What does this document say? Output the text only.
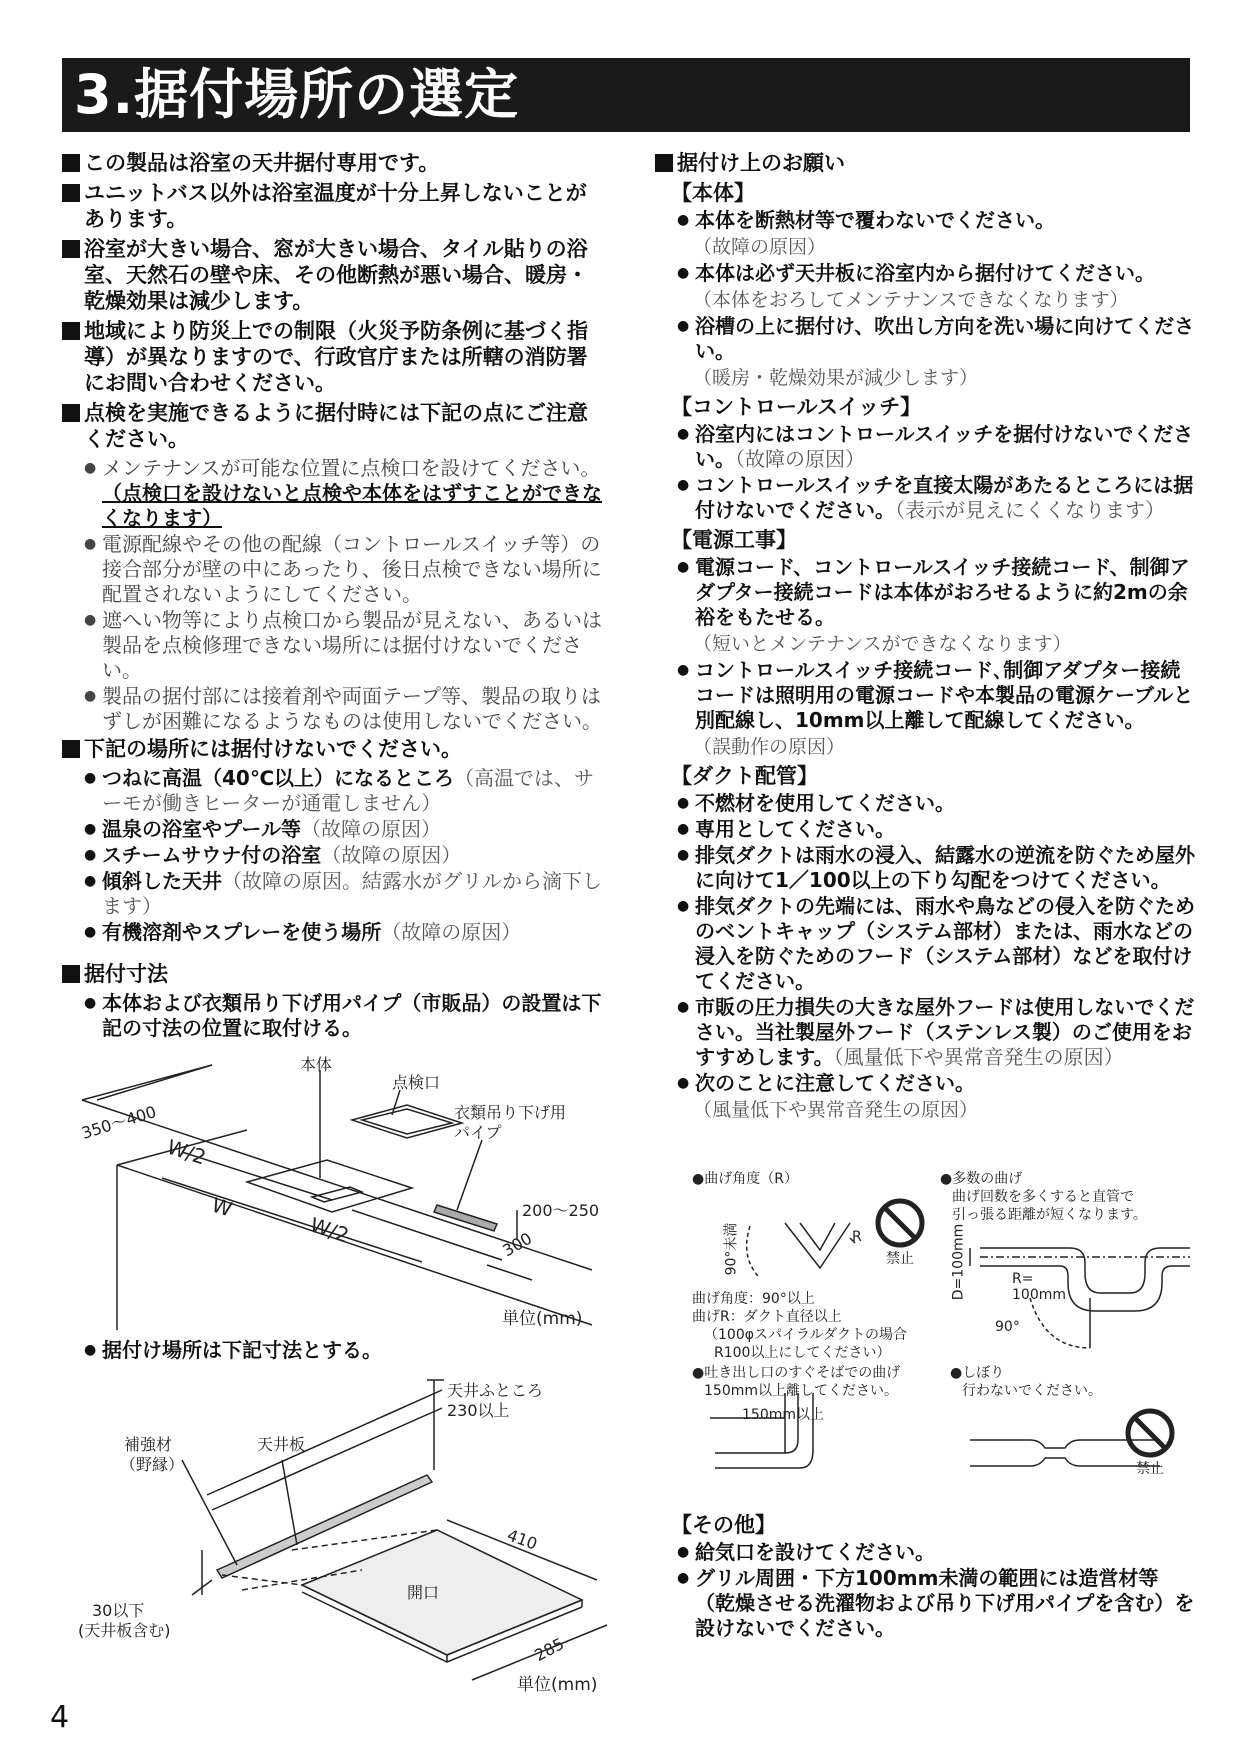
3.据付場所の選定
この製品は浴室の天井据付専用です。
ユニットバス以外は浴室温度が十分上昇しないことがあります。
浴室が大きい場合、窓が大きい場合、タイル貼りの浴室、天然石の壁や床、その他断熱が悪い場合、暖房・乾燥効果は減少します。
地域により防災上での制限（火災予防条例に基づく指導）が異なりますので、行政官庁または所轄の消防署にお問い合わせください。
点検を実施できるように据付時には下記の点にご注意ください。
● メンテナンスが可能な位置に点検口を設けてください。（点検口を設けないと点検や本体をはずすことができなくなります）
● 電源配線やその他の配線（コントロールスイッチ等）の接合部分が壁の中にあったり、後日点検できない場所に配置されないようにしてください。
● 遮へい物等により点検口から製品が見えない、あるいは製品を点検修理できない場所には据付けないでください。
● 製品の据付部には接着剤や両面テープ等、製品の取りはずしが困難になるようなものは使用しないでください。
下記の場所には据付けないでください。
● つねに高温（40℃以上）になるところ（高温では、サーモが働きヒーターが通電しません）
● 温泉の浴室やプール等（故障の原因）
● スチームサウナ付の浴室（故障の原因）
● 傾斜した天井（故障の原因。結露水がグリルから滴下します）
● 有機溶剤やスプレーを使う場所（故障の原因）
据付寸法
● 本体および衣類吊り下げ用パイプ（市販品）の設置は下記の寸法の位置に取付ける。
本体
点検口
衣類吊り下げ用
パイプ
350～400
W/2
W
W/2
200～250
300
単位(mm)
● 据付け場所は下記寸法とする。
天井ふところ
230以上
補強材
（野縁）
天井板
410
開口
285
30以下
(天井板含む)
単位(mm)
据付け上のお願い
【本体】
● 本体を断熱材等で覆わないでください。
（故障の原因）
● 本体は必ず天井板に浴室内から据付けてください。
（本体をおろしてメンテナンスできなくなります）
● 浴槽の上に据付け、吹出し方向を洗い場に向けてください。
（暖房・乾燥効果が減少します）
【コントロールスイッチ】
● 浴室内にはコントロールスイッチを据付けないでください。（故障の原因）
● コントロールスイッチを直接太陽があたるところには据付けないでください。（表示が見えにくくなります）
【電源工事】
● 電源コード、コントロールスイッチ接続コード、制御アダプター接続コードは本体がおろせるように約2mの余裕をもたせる。
（短いとメンテナンスができなくなります）
● コントロールスイッチ接続コード､制御アダプター接続コードは照明用の電源コードや本製品の電源ケーブルと別配線し、10mm以上離して配線してください。
（誤動作の原因）
【ダクト配管】
● 不燃材を使用してください。
● 専用としてください。
● 排気ダクトは雨水の浸入、結露水の逆流を防ぐため屋外に向けて1／100以上の下り勾配をつけてください。
● 排気ダクトの先端には、雨水や鳥などの侵入を防ぐためのベントキャップ（システム部材）または、雨水などの浸入を防ぐためのフード（システム部材）などを取付けてください。
● 市販の圧力損失の大きな屋外フードは使用しないでください。当社製屋外フード（ステンレス製）のご使用をおすすめします。（風量低下や異常音発生の原因）
● 次のことに注意してください。
（風量低下や異常音発生の原因）
●曲げ角度（R）	●多数の曲げ
曲げ回数を多くすると直管で
引っ張る距離が短くなります。
90°未満	R
禁止
曲げ角度：90°以上
曲げR：ダクト直径以上
（100φスパイラルダクトの場合
R100以上にしてください）
D=100mm	R=
100mm
90°
●吐き出し口のすぐそばでの曲げ
150mm以上離してください。
●しぼり
行わないでください。
150mm以上
禁止
【その他】
● 給気口を設けてください。
● グリル周囲・下方100mm未満の範囲には造営材等（乾燥させる洗濯物および吊り下げ用パイプを含む）を設けないでください。
4
